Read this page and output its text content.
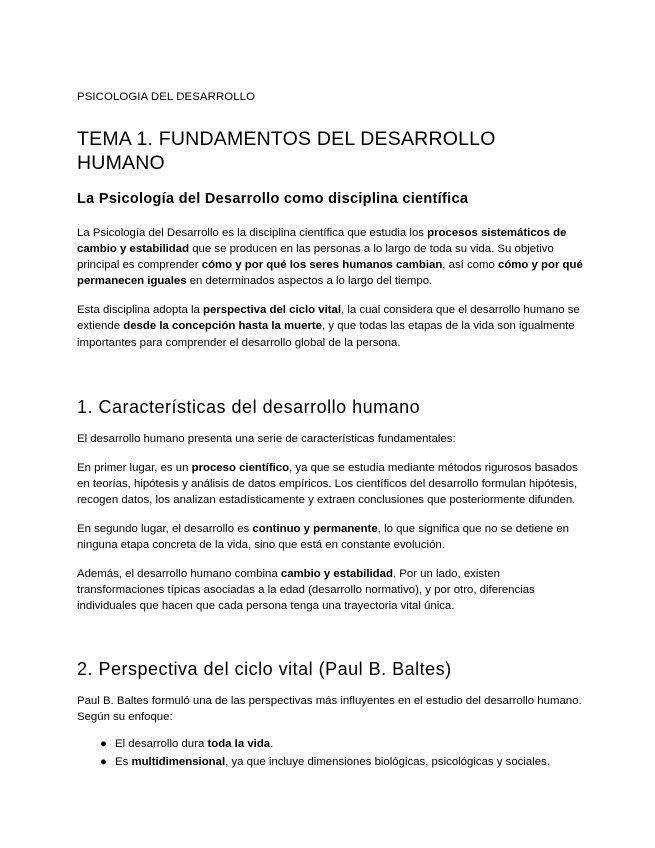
PSICOLOGIA DEL DESARROLLO

TEMA 1. FUNDAMENTOS DEL DESARROLLO HUMANO
La Psicología del Desarrollo como disciplina científica

La Psicología del Desarrollo es la disciplina científica que estudia los procesos sistemáticos de cambio y estabilidad que se producen en las personas a lo largo de toda su vida. Su objetivo principal es comprender cómo y por qué los seres humanos cambian, así como cómo y por qué permanecen iguales en determinados aspectos a lo largo del tiempo.

Esta disciplina adopta la perspectiva del ciclo vital, la cual considera que el desarrollo humano se extiende desde la concepción hasta la muerte, y que todas las etapas de la vida son igualmente importantes para comprender el desarrollo global de la persona.

1. Características del desarrollo humano

El desarrollo humano presenta una serie de características fundamentales:

En primer lugar, es un proceso científico, ya que se estudia mediante métodos rigurosos basados en teorías, hipótesis y análisis de datos empíricos. Los científicos del desarrollo formulan hipótesis, recogen datos, los analizan estadísticamente y extraen conclusiones que posteriormente difunden.

En segundo lugar, el desarrollo es continuo y permanente, lo que significa que no se detiene en ninguna etapa concreta de la vida, sino que está en constante evolución.

Además, el desarrollo humano combina cambio y estabilidad. Por un lado, existen transformaciones típicas asociadas a la edad (desarrollo normativo), y por otro, diferencias individuales que hacen que cada persona tenga una trayectoria vital única.

2. Perspectiva del ciclo vital (Paul B. Baltes)

Paul B. Baltes formuló una de las perspectivas más influyentes en el estudio del desarrollo humano. Según su enfoque:

● El desarrollo dura toda la vida.
● Es multidimensional, ya que incluye dimensiones biológicas, psicológicas y sociales.
